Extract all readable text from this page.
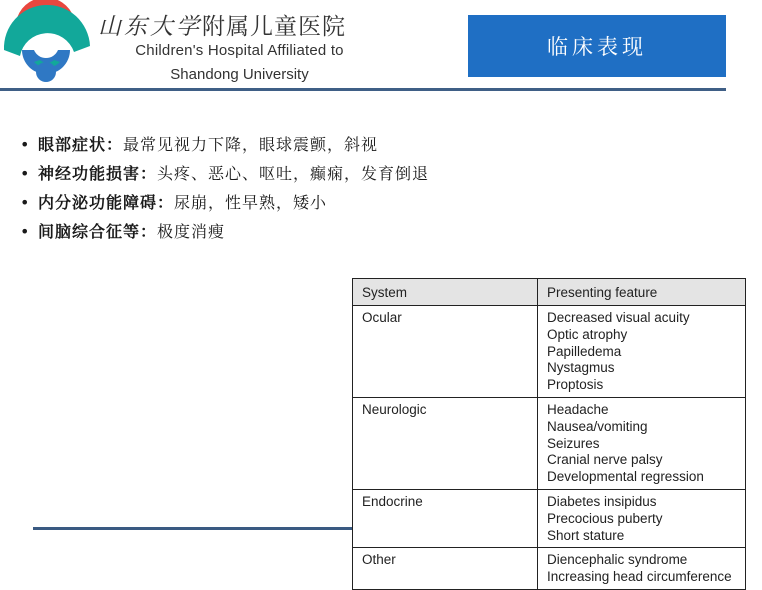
山东大学附属儿童医院
Children's Hospital Affiliated to
Shandong University
临床表现
• 眼部症状：最常见视力下降，眼球震颤，斜视
• 神经功能损害：头疼、恶心、呕吐，癫痫，发育倒退
• 内分泌功能障碍：尿崩，性早熟，矮小
• 间脑综合征等：极度消瘦
System	Presenting feature
Ocular	Decreased visual acuity
Optic atrophy
Papilledema
Nystagmus
Proptosis

Neurologic	Headache
Nausea/vomiting
Seizures
Cranial nerve palsy
Developmental regression

Endocrine	Diabetes insipidus
Precocious puberty
Short stature

Other	Diencephalic syndrome
Increasing head circumference
